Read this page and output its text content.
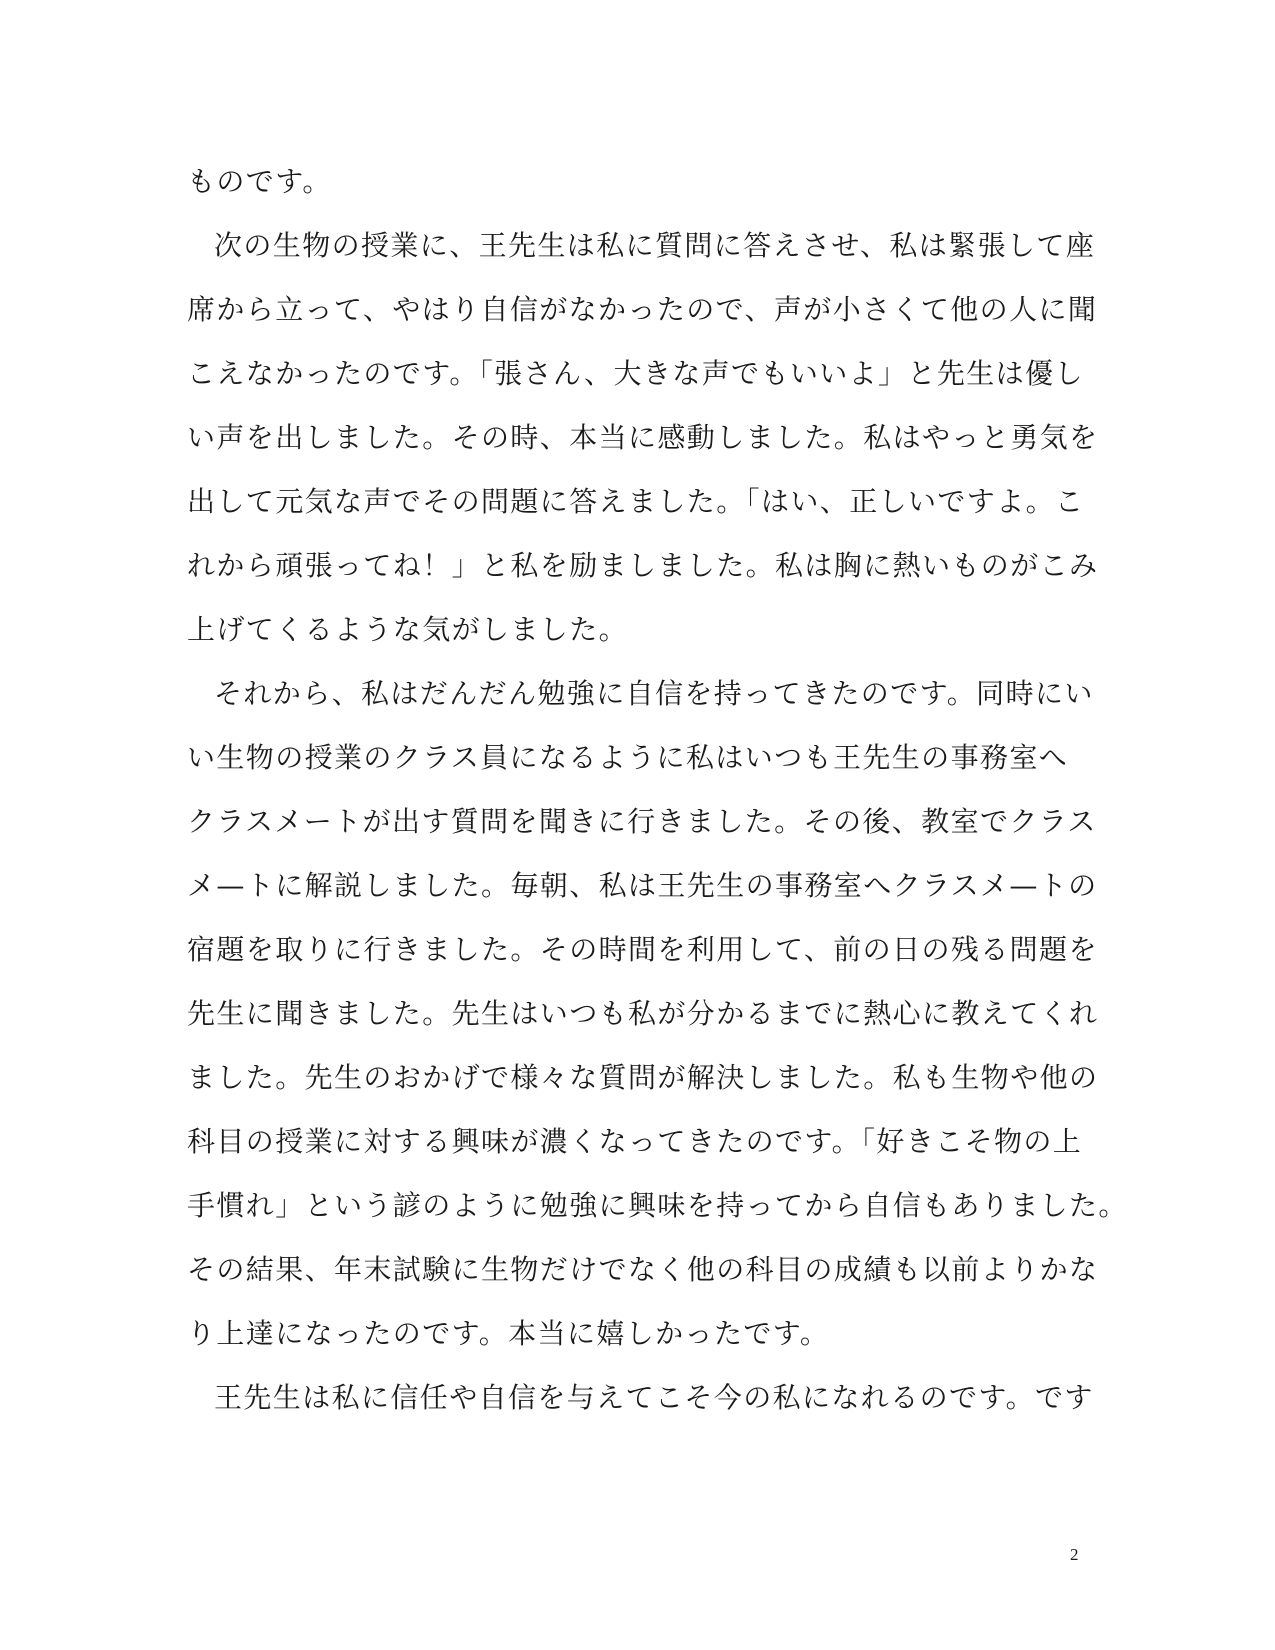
ものです。
次の生物の授業に、王先生は私に質問に答えさせ、私は緊張して座
席から立って、やはり自信がなかったので、声が小さくて他の人に聞
こえなかったのです。「張さん、大きな声でもいいよ」と先生は優し
い声を出しました。その時、本当に感動しました。私はやっと勇気を
出して元気な声でその問題に答えました。「はい、正しいですよ。こ
れから頑張ってね！」と私を励ましました。私は胸に熱いものがこみ
上げてくるような気がしました。
それから、私はだんだん勉強に自信を持ってきたのです。同時にい
い生物の授業のクラス員になるように私はいつも王先生の事務室へ
クラスメートが出す質問を聞きに行きました。その後、教室でクラス
メ—トに解説しました。毎朝、私は王先生の事務室へクラスメ—トの
宿題を取りに行きました。その時間を利用して、前の日の残る問題を
先生に聞きました。先生はいつも私が分かるまでに熱心に教えてくれ
ました。先生のおかげで様々な質問が解決しました。私も生物や他の
科目の授業に対する興味が濃くなってきたのです。「好きこそ物の上
手慣れ」という諺のように勉強に興味を持ってから自信もありました。
その結果、年末試験に生物だけでなく他の科目の成績も以前よりかな
り上達になったのです。本当に嬉しかったです。
王先生は私に信任や自信を与えてこそ今の私になれるのです。です
2
